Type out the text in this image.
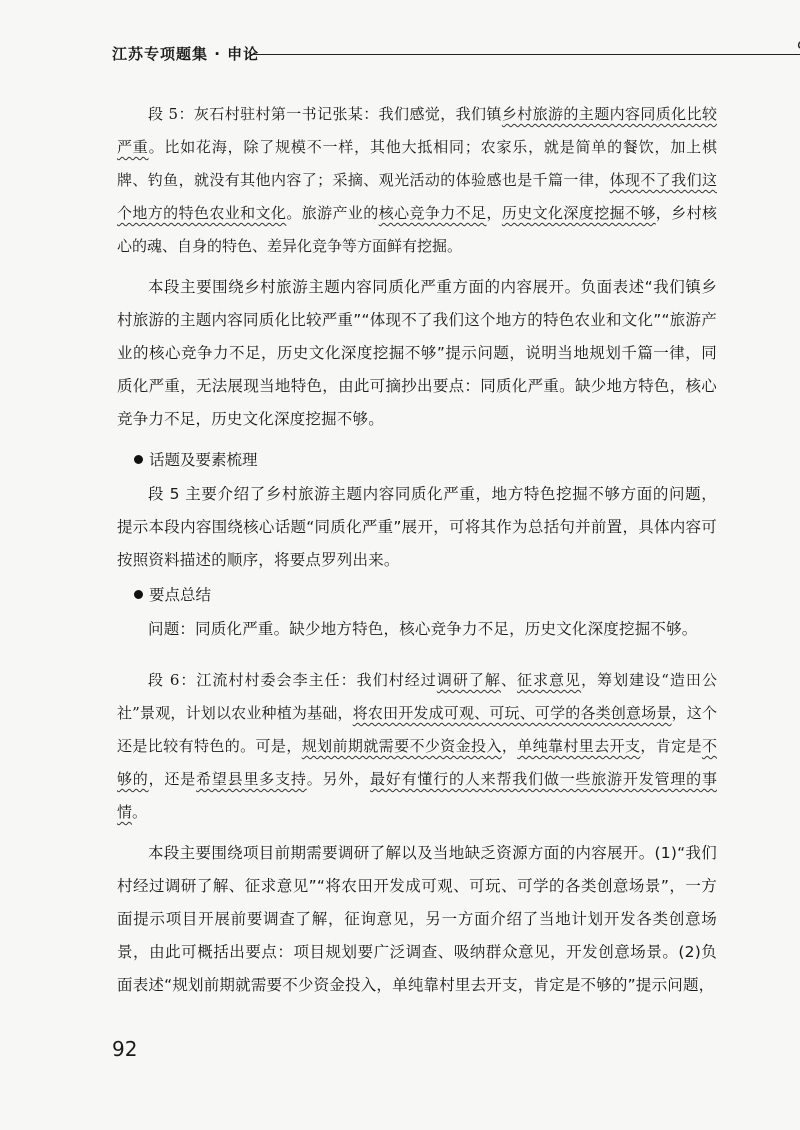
江苏专项题集 · 申论
段 5：灰石村驻村第一书记张某：我们感觉，我们镇乡村旅游的主题内容同质化比较严重。比如花海，除了规模不一样，其他大抵相同；农家乐，就是简单的餐饮，加上棋牌、钓鱼，就没有其他内容了；采摘、观光活动的体验感也是千篇一律，体现不了我们这个地方的特色农业和文化。旅游产业的核心竞争力不足，历史文化深度挖掘不够，乡村核心的魂、自身的特色、差异化竞争等方面鲜有挖掘。
本段主要围绕乡村旅游主题内容同质化严重方面的内容展开。负面表述“我们镇乡村旅游的主题内容同质化比较严重”“体现不了我们这个地方的特色农业和文化”“旅游产业的核心竞争力不足，历史文化深度挖掘不够”提示问题，说明当地规划千篇一律，同质化严重，无法展现当地特色，由此可摘抄出要点：同质化严重。缺少地方特色，核心竞争力不足，历史文化深度挖掘不够。
话题及要素梳理
段 5 主要介绍了乡村旅游主题内容同质化严重，地方特色挖掘不够方面的问题，提示本段内容围绕核心话题“同质化严重”展开，可将其作为总括句并前置，具体内容可按照资料描述的顺序，将要点罗列出来。
要点总结
问题：同质化严重。缺少地方特色，核心竞争力不足，历史文化深度挖掘不够。
段 6：江流村村委会李主任：我们村经过调研了解、征求意见，筹划建设“造田公社”景观，计划以农业种植为基础，将农田开发成可观、可玩、可学的各类创意场景，这个还是比较有特色的。可是，规划前期就需要不少资金投入，单纯靠村里去开支，肯定是不够的，还是希望县里多支持。另外，最好有懂行的人来帮我们做一些旅游开发管理的事情。
本段主要围绕项目前期需要调研了解以及当地缺乏资源方面的内容展开。(1)“我们村经过调研了解、征求意见”“将农田开发成可观、可玩、可学的各类创意场景”，一方面提示项目开展前要调查了解，征询意见，另一方面介绍了当地计划开发各类创意场景，由此可概括出要点：项目规划要广泛调查、吸纳群众意见，开发创意场景。(2)负面表述“规划前期就需要不少资金投入，单纯靠村里去开支，肯定是不够的”提示问题，
92
